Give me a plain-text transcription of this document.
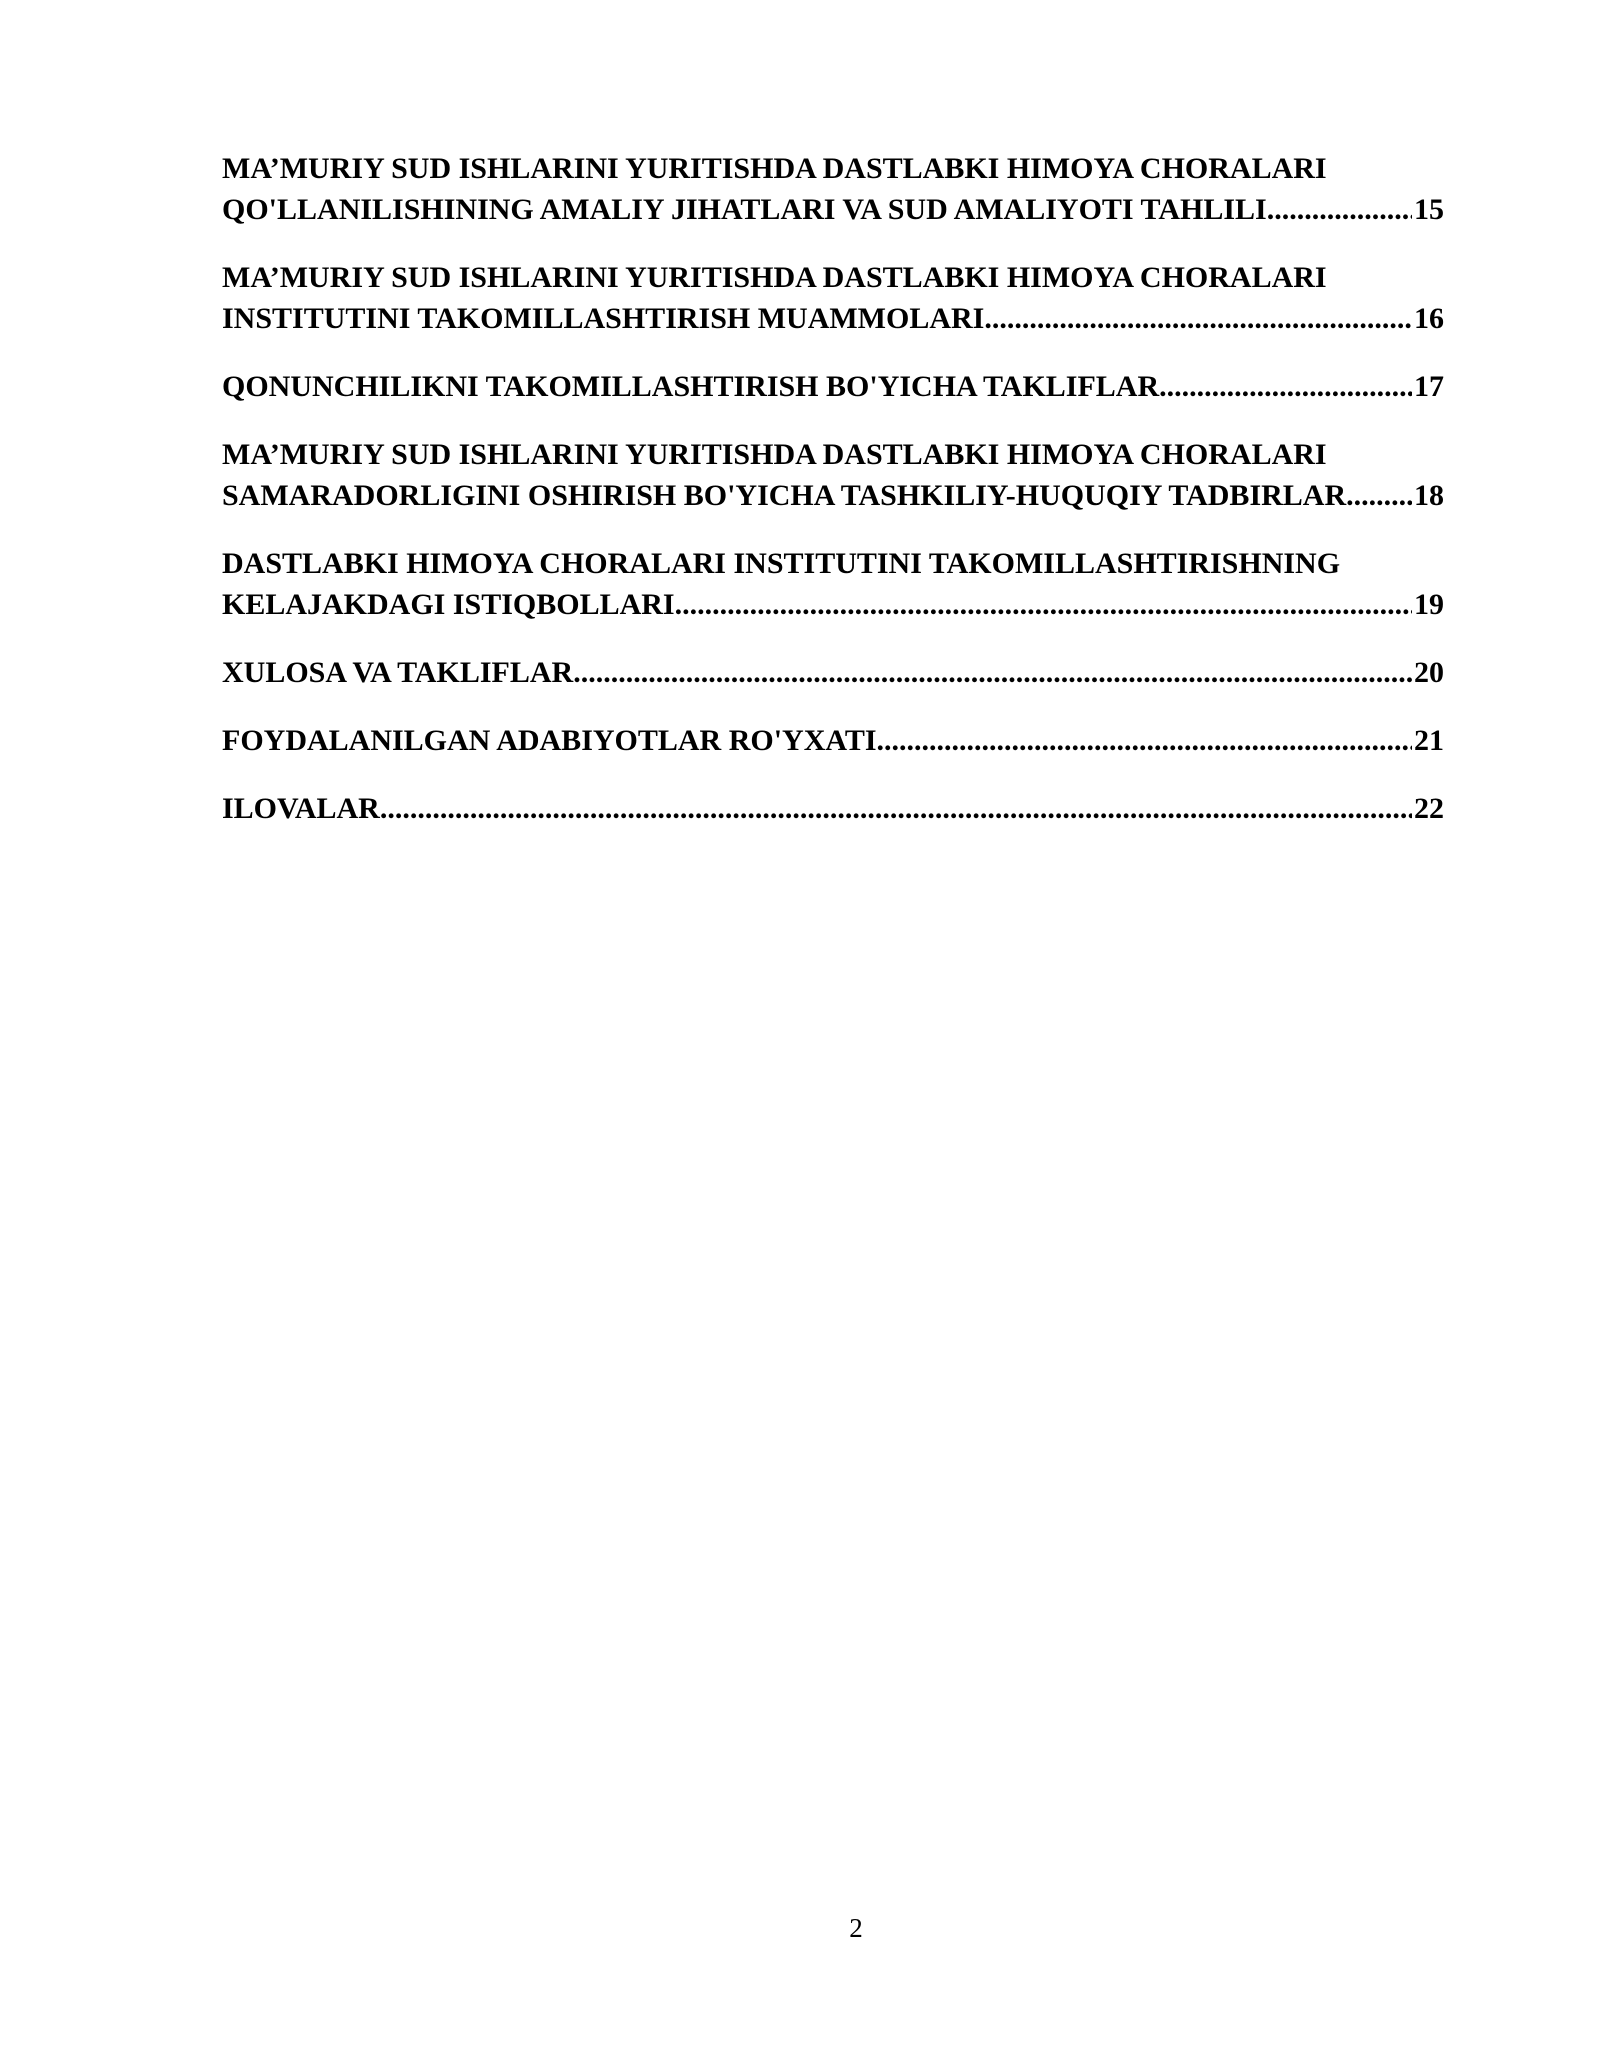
MA’MURIY SUD ISHLARINI YURITISHDA DASTLABKI HIMOYA CHORALARI
QO'LLANILISHINING AMALIY JIHATLARI VA SUD AMALIYOTI TAHLILI .....	15
MA’MURIY SUD ISHLARINI YURITISHDA DASTLABKI HIMOYA CHORALARI
INSTITUTINI TAKOMILLASHTIRISH MUAMMOLARI .....	16
QONUNCHILIKNI TAKOMILLASHTIRISH BO'YICHA TAKLIFLAR .....	17
MA’MURIY SUD ISHLARINI YURITISHDA DASTLABKI HIMOYA CHORALARI
SAMARADORLIGINI OSHIRISH BO'YICHA TASHKILIY-HUQUQIY TADBIRLAR ..... 18
DASTLABKI HIMOYA CHORALARI INSTITUTINI TAKOMILLASHTIRISHNING
KELAJAKDAGI ISTIQBOLLARI .....	19
XULOSA VA TAKLIFLAR .....	20
FOYDALANILGAN ADABIYOTLAR RO'YXATI .....	21
ILOVALAR .....	22
2
